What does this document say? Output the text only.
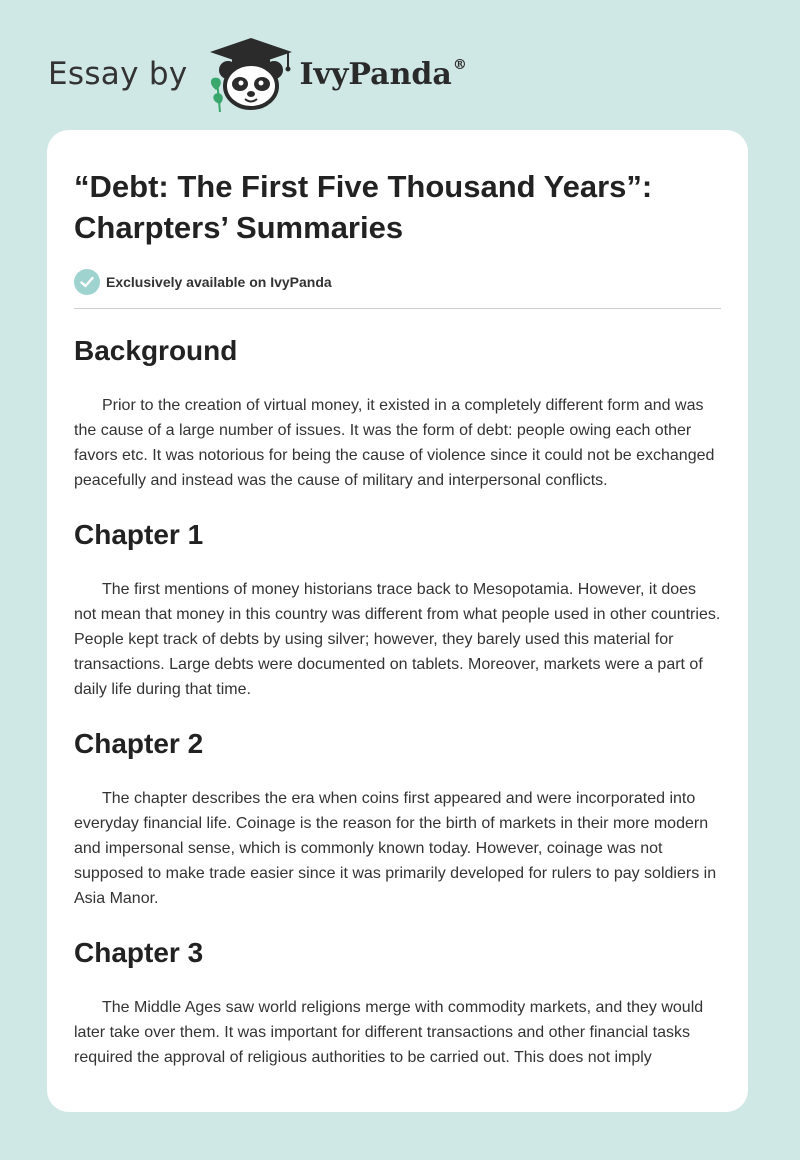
Essay by	IvyPanda®
“Debt: The First Five Thousand Years”: Charpters’ Summaries
Exclusively available on IvyPanda
Background

Prior to the creation of virtual money, it existed in a completely different form and was the cause of a large number of issues. It was the form of debt: people owing each other favors etc. It was notorious for being the cause of violence since it could not be exchanged peacefully and instead was the cause of military and interpersonal conflicts.

Chapter 1

The first mentions of money historians trace back to Mesopotamia. However, it does not mean that money in this country was different from what people used in other countries. People kept track of debts by using silver; however, they barely used this material for transactions. Large debts were documented on tablets. Moreover, markets were a part of daily life during that time.

Chapter 2

The chapter describes the era when coins first appeared and were incorporated into everyday financial life. Coinage is the reason for the birth of markets in their more modern and impersonal sense, which is commonly known today. However, coinage was not supposed to make trade easier since it was primarily developed for rulers to pay soldiers in Asia Manor.

Chapter 3

The Middle Ages saw world religions merge with commodity markets, and they would later take over them. It was important for different transactions and other financial tasks required the approval of religious authorities to be carried out. This does not imply
